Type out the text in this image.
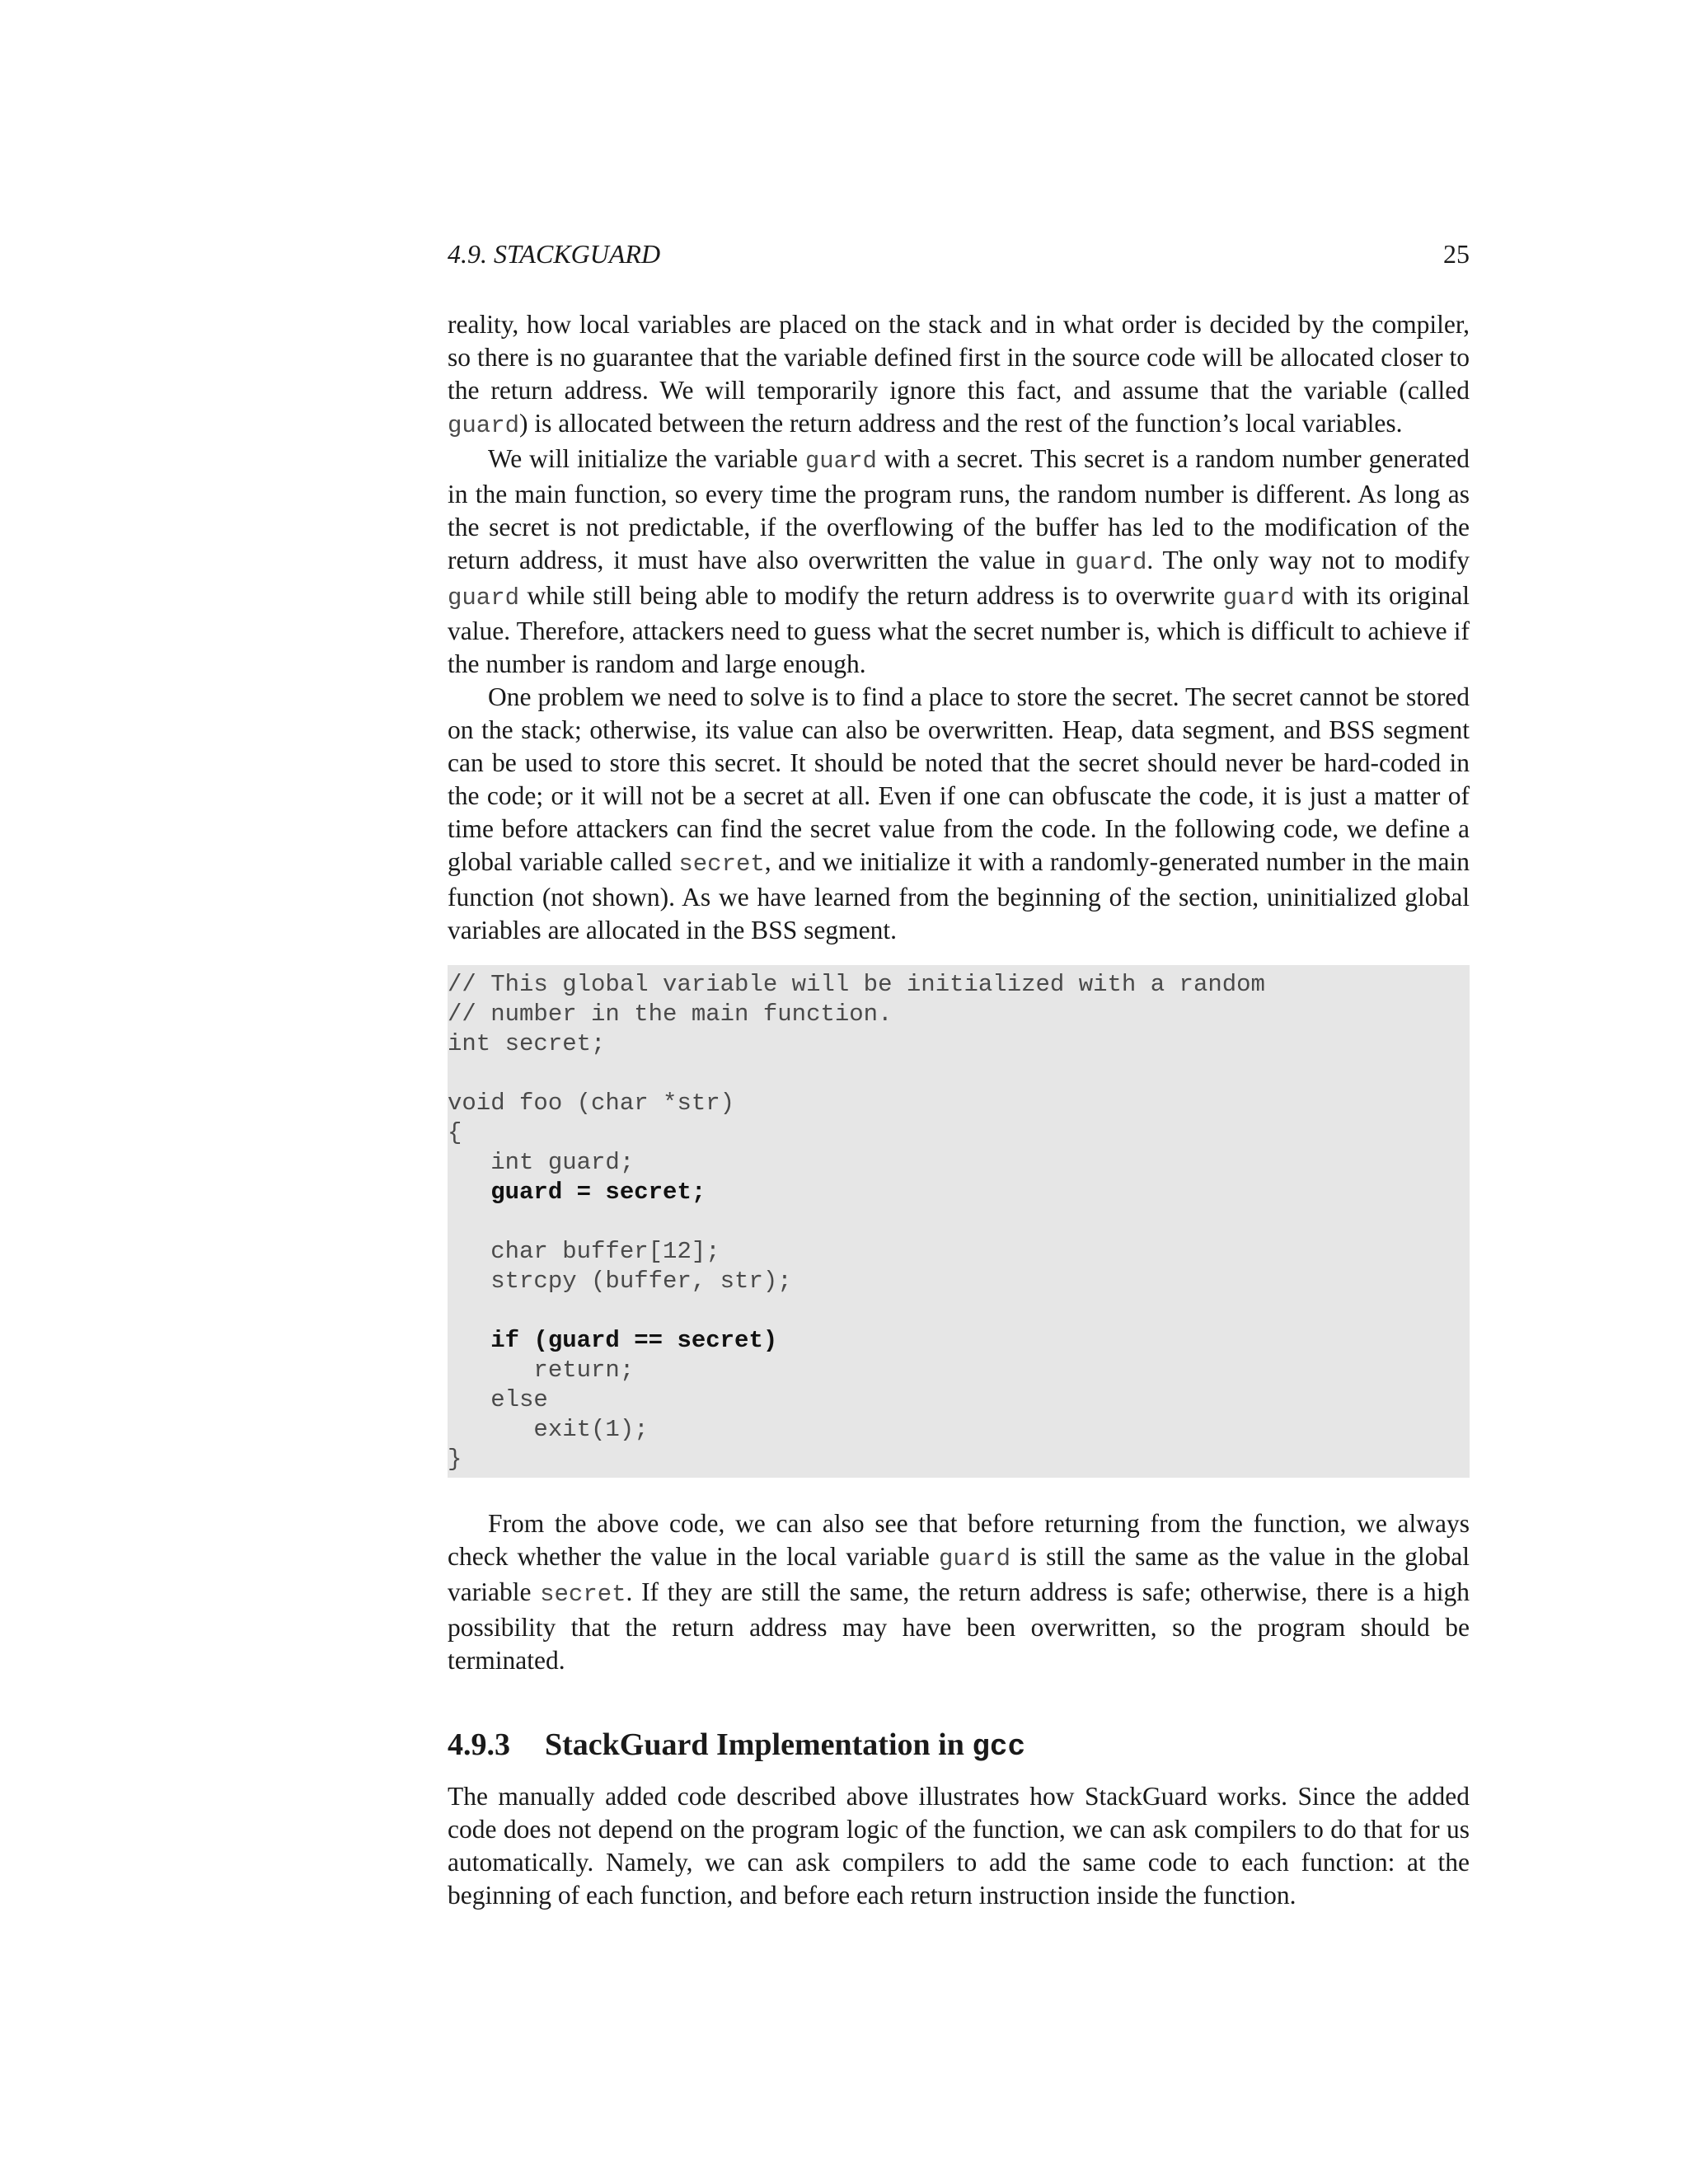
4.9. STACKGUARD	25

reality, how local variables are placed on the stack and in what order is decided by the compiler, so there is no guarantee that the variable defined first in the source code will be allocated closer to the return address. We will temporarily ignore this fact, and assume that the variable (called guard) is allocated between the return address and the rest of the function’s local variables.

We will initialize the variable guard with a secret. This secret is a random number generated in the main function, so every time the program runs, the random number is different. As long as the secret is not predictable, if the overflowing of the buffer has led to the modification of the return address, it must have also overwritten the value in guard. The only way not to modify guard while still being able to modify the return address is to overwrite guard with its original value. Therefore, attackers need to guess what the secret number is, which is difficult to achieve if the number is random and large enough.

One problem we need to solve is to find a place to store the secret. The secret cannot be stored on the stack; otherwise, its value can also be overwritten. Heap, data segment, and BSS segment can be used to store this secret. It should be noted that the secret should never be hard-coded in the code; or it will not be a secret at all. Even if one can obfuscate the code, it is just a matter of time before attackers can find the secret value from the code. In the following code, we define a global variable called secret, and we initialize it with a randomly-generated number in the main function (not shown). As we have learned from the beginning of the section, uninitialized global variables are allocated in the BSS segment.

// This global variable will be initialized with a random
// number in the main function.
int secret;
void foo (char *str)
{
int guard;
guard = secret;
char buffer[12];
strcpy (buffer, str);
if (guard == secret)
return;
else
exit(1);
}

From the above code, we can also see that before returning from the function, we always check whether the value in the local variable guard is still the same as the value in the global variable secret. If they are still the same, the return address is safe; otherwise, there is a high possibility that the return address may have been overwritten, so the program should be terminated.

4.9.3	StackGuard Implementation in gcc

The manually added code described above illustrates how StackGuard works. Since the added code does not depend on the program logic of the function, we can ask compilers to do that for us automatically. Namely, we can ask compilers to add the same code to each function: at the beginning of each function, and before each return instruction inside the function.
